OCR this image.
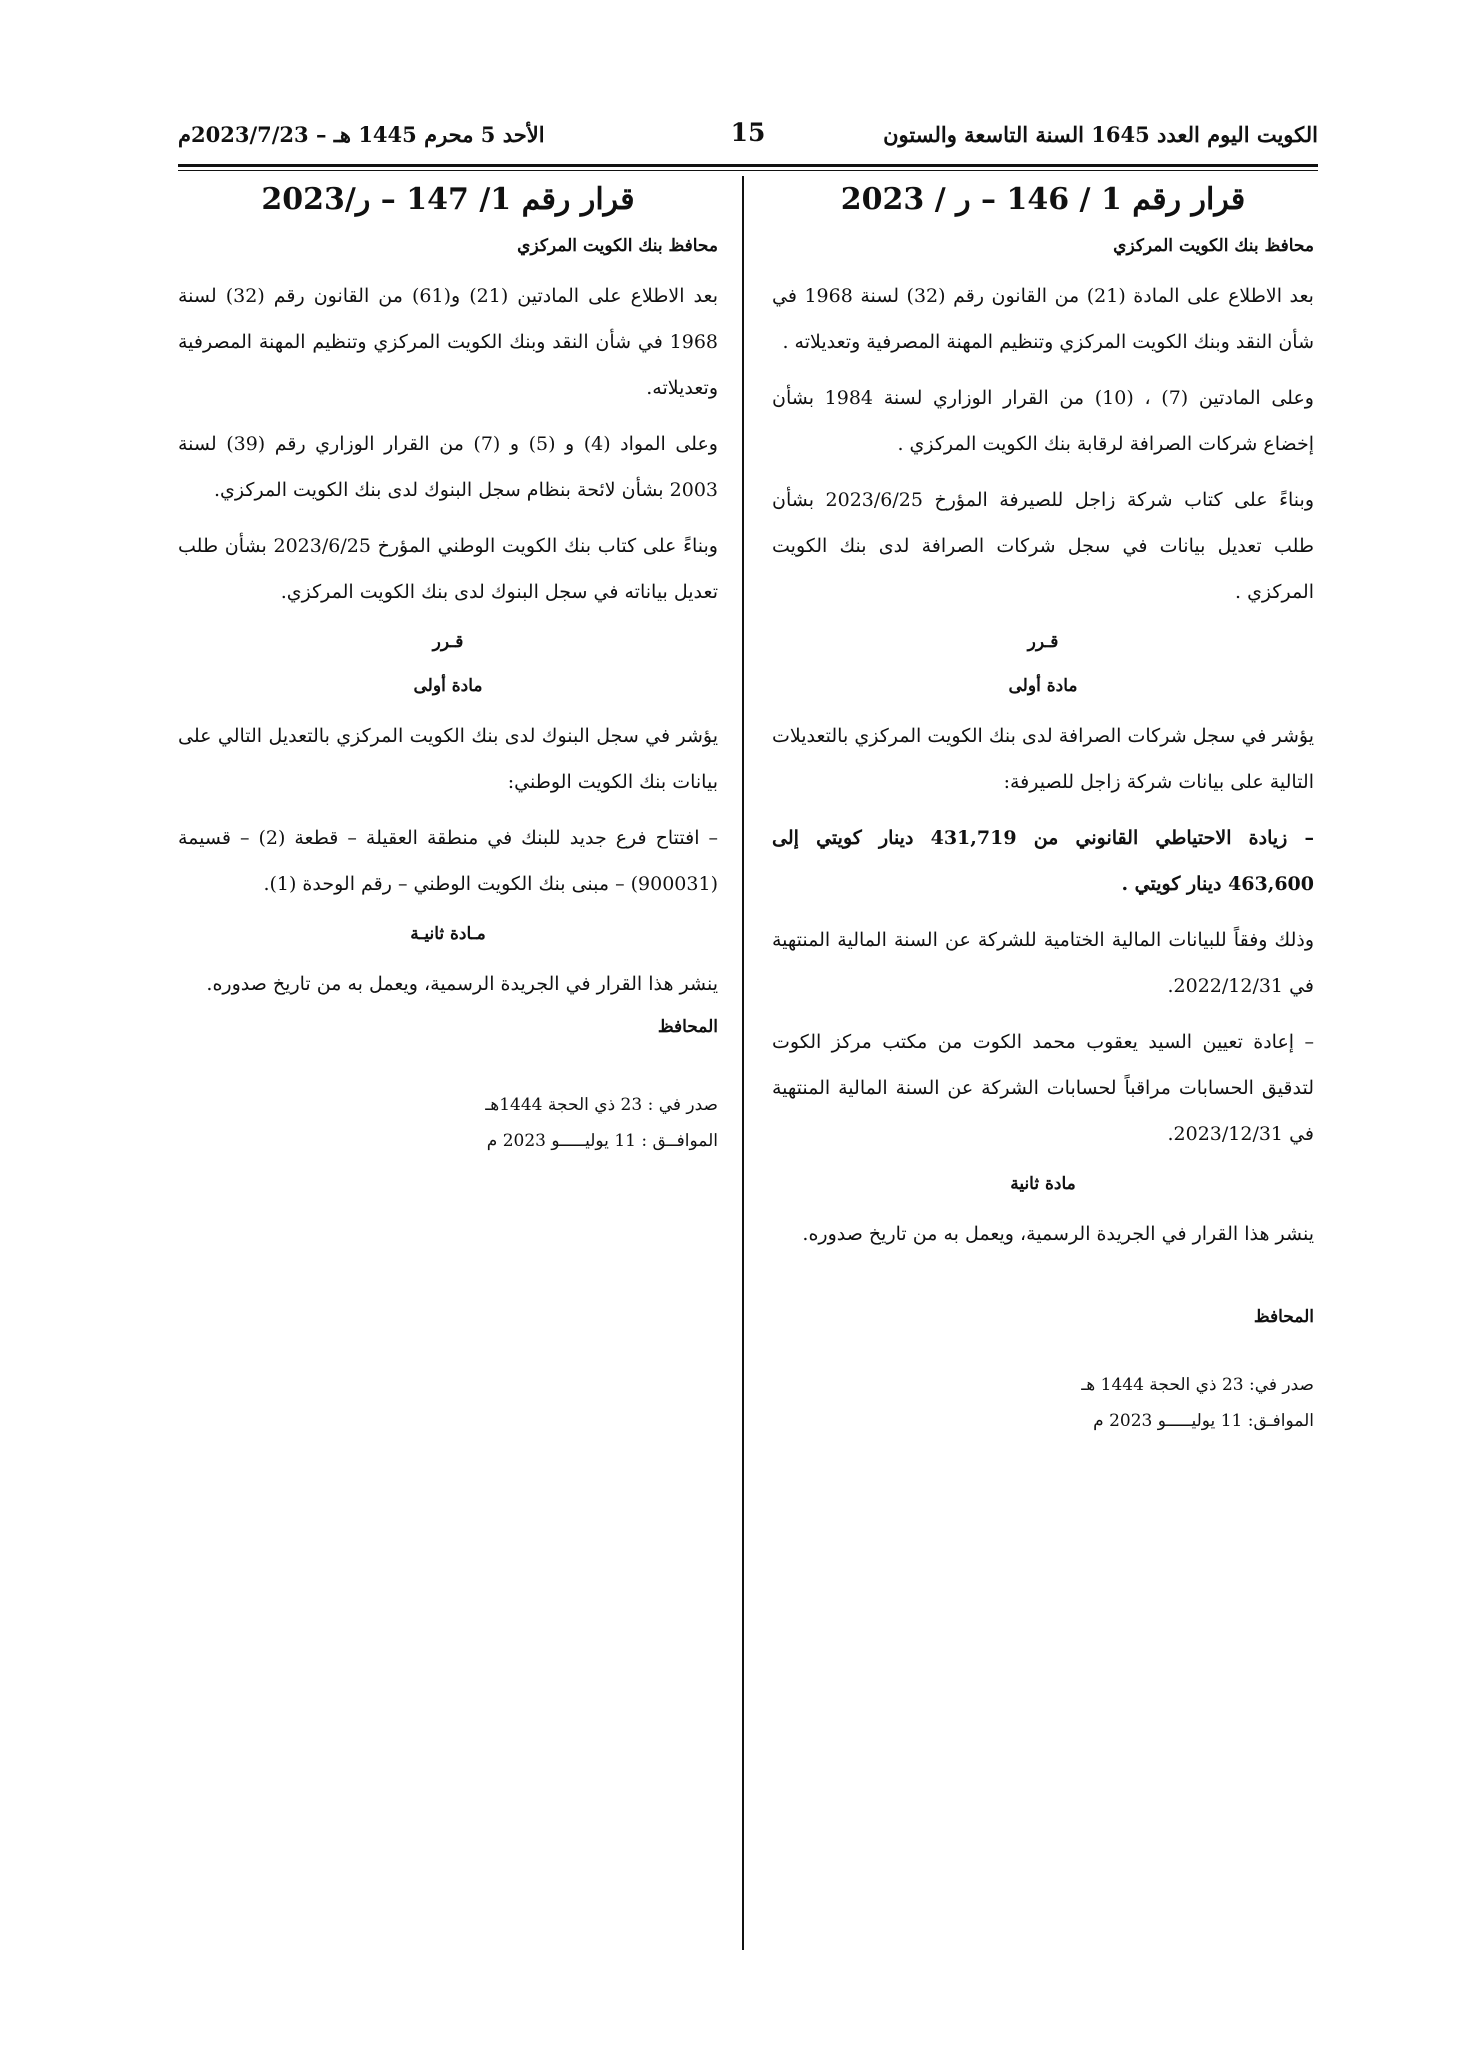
الكويت اليوم العدد 1645 السنة التاسعة والستون
15
الأحد 5 محرم 1445 هـ – 2023/7/23م
قرار رقم 1 / 146 – ر / 2023
محافظ بنك الكويت المركزي

بعد الاطلاع على المادة (21) من القانون رقم (32) لسنة 1968 في شأن النقد وبنك الكويت المركزي وتنظيم المهنة المصرفية وتعديلاته .

وعلى المادتين (7) ، (10) من القرار الوزاري لسنة 1984 بشأن إخضاع شركات الصرافة لرقابة بنك الكويت المركزي .

وبناءً على كتاب شركة زاجل للصيرفة المؤرخ 2023/6/25 بشأن طلب تعديل بيانات في سجل شركات الصرافة لدى بنك الكويت المركزي .

قـرر
مادة أولى

يؤشر في سجل شركات الصرافة لدى بنك الكويت المركزي بالتعديلات التالية على بيانات شركة زاجل للصيرفة:

– زيادة الاحتياطي القانوني من 431,719 دينار كويتي إلى 463,600 دينار كويتي .

وذلك وفقاً للبيانات المالية الختامية للشركة عن السنة المالية المنتهية في 2022/12/31.

– إعادة تعيين السيد يعقوب محمد الكوت من مكتب مركز الكوت لتدقيق الحسابات مراقباً لحسابات الشركة عن السنة المالية المنتهية في 2023/12/31.

مادة ثانية

ينشر هذا القرار في الجريدة الرسمية، ويعمل به من تاريخ صدوره.

المحافظ
صدر في: 23 ذي الحجة 1444 هـ
الموافـق: 11 يوليـــــو 2023 م
قرار رقم 1/ 147 – ر/2023
محافظ بنك الكويت المركزي

بعد الاطلاع على المادتين (21) و(61) من القانون رقم (32) لسنة 1968 في شأن النقد وبنك الكويت المركزي وتنظيم المهنة المصرفية وتعديلاته.

وعلى المواد (4) و (5) و (7) من القرار الوزاري رقم (39) لسنة 2003 بشأن لائحة بنظام سجل البنوك لدى بنك الكويت المركزي.

وبناءً على كتاب بنك الكويت الوطني المؤرخ 2023/6/25 بشأن طلب تعديل بياناته في سجل البنوك لدى بنك الكويت المركزي.

قـرر
مادة أولى

يؤشر في سجل البنوك لدى بنك الكويت المركزي بالتعديل التالي على بيانات بنك الكويت الوطني:

– افتتاح فرع جديد للبنك في منطقة العقيلة – قطعة (2) – قسيمة (900031) – مبنى بنك الكويت الوطني – رقم الوحدة (1).

مـادة ثانيـة

ينشر هذا القرار في الجريدة الرسمية، ويعمل به من تاريخ صدوره.

المحافظ
صدر في : 23 ذي الحجة 1444هـ
الموافــق : 11 يوليـــــو 2023 م
